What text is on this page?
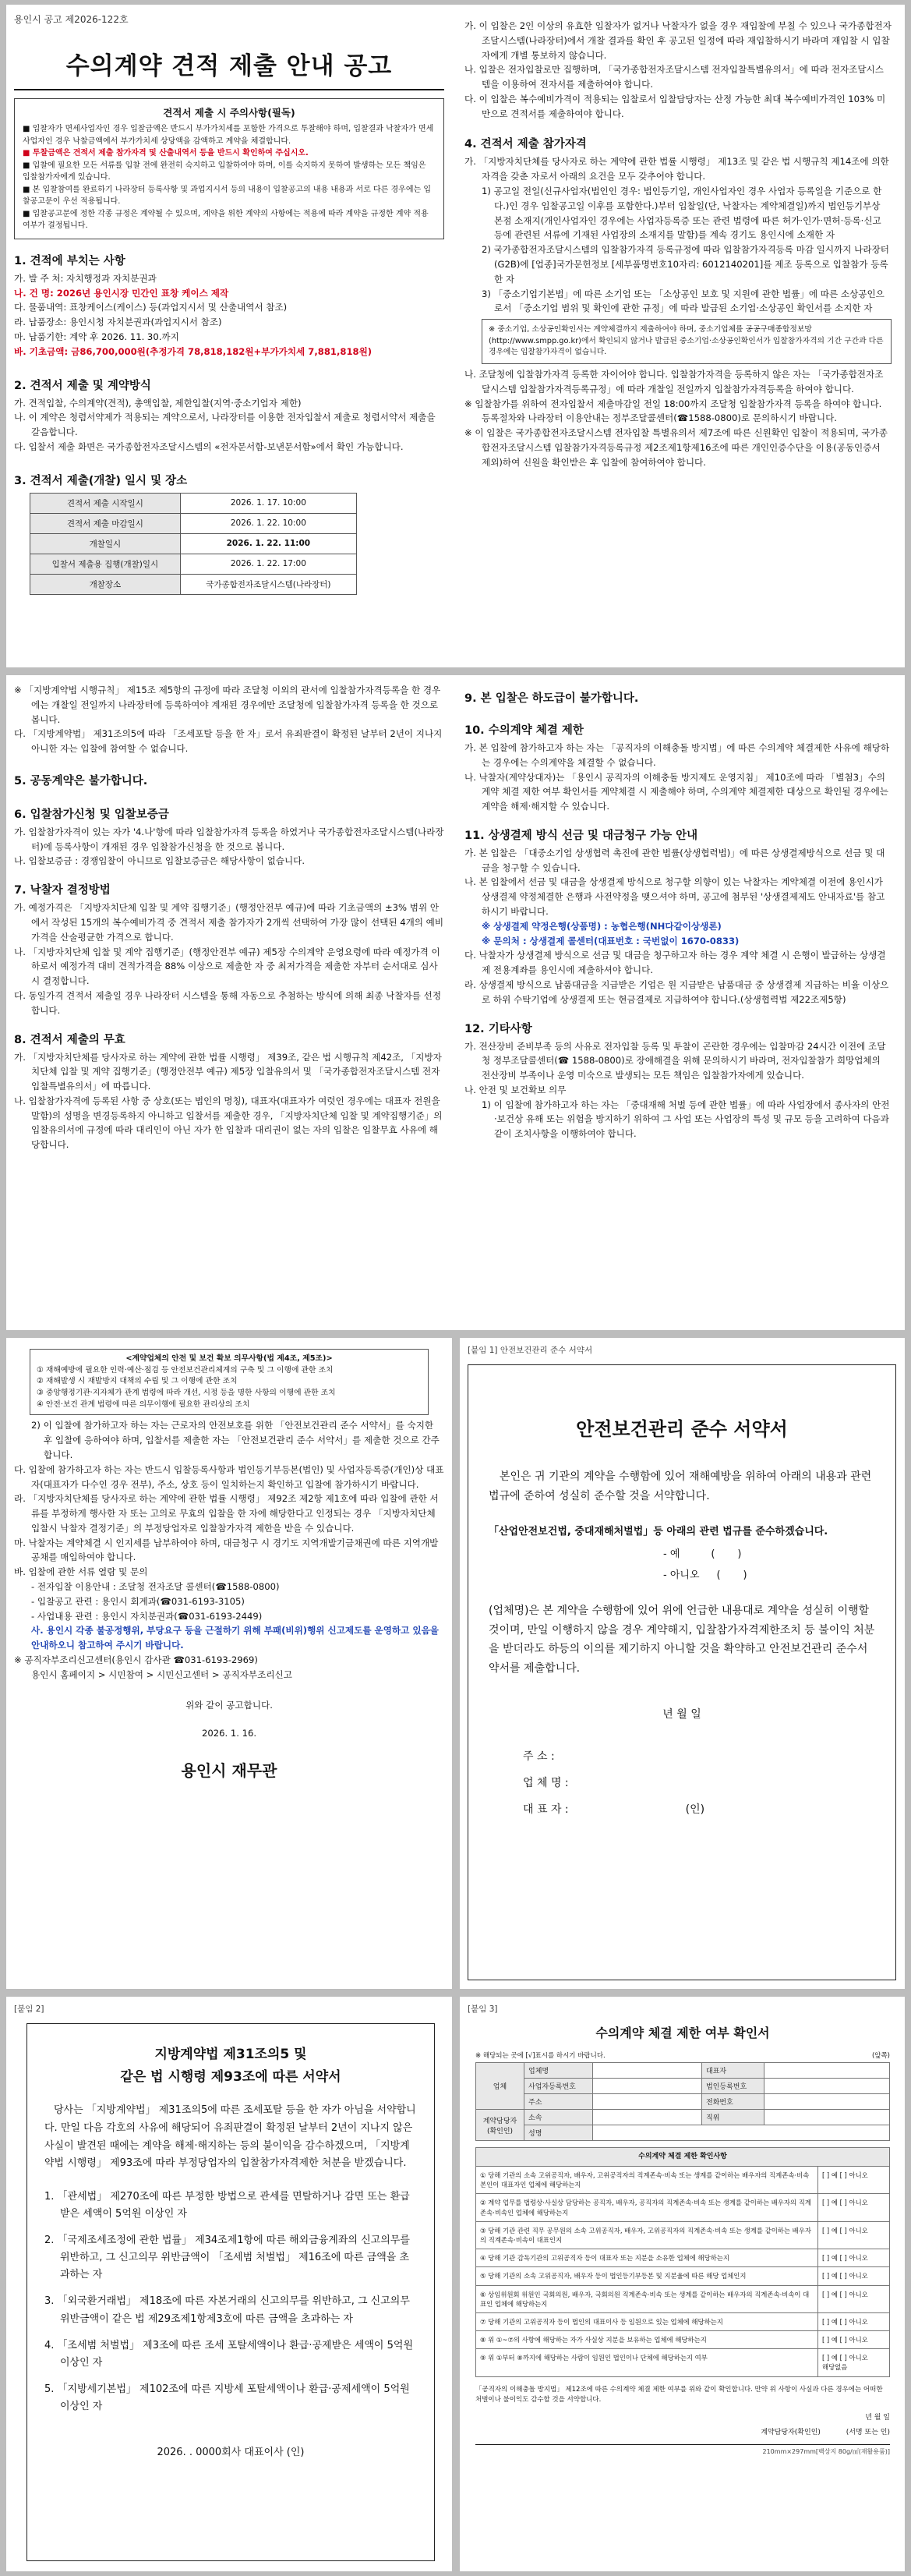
용인시 공고 제2026-122호
수의계약 견적 제출 안내 공고
견적서 제출 시 주의사항(필독)
■ 입찰자가 면세사업자인 경우 입찰금액은 반드시 부가가치세를 포함한 가격으로 투찰해야 하며, 입찰결과 낙찰자가 면세사업자인 경우 낙찰금액에서 부가가치세 상당액을 감액하고 계약을 체결합니다.
■ 투찰금액은 견적서 제출 참가자격 및 산출내역서 등을 반드시 확인하여 주십시오.
■ 입찰에 필요한 모든 서류를 입찰 전에 완전히 숙지하고 입찰하여야 하며, 이를 숙지하지 못하여 발생하는 모든 책임은 입찰참가자에게 있습니다.
■ 본 입찰참여를 완료하기 나라장터 등록사항 및 과업지시서 등의 내용이 입찰공고의 내용 내용과 서로 다른 경우에는 입찰공고문이 우선 적용됩니다.
■ 입찰공고문에 정한 각종 규정은 계약될 수 있으며, 계약을 위한 계약의 사항에는 적용에 따라 계약을 규정한 계약 적용 여부가 결정됩니다.
1. 견적에 부치는 사항
가. 발 주 처: 자치행정과 자치분권과
나. 건 명: 2026년 용인시장 민간인 표창 케이스 제작
다. 물품내역: 표창케이스(케이스) 등(과업지시서 및 산출내역서 참조)
라. 납품장소: 용인시청 자치분권과(과업지시서 참조)
마. 납품기한: 계약 후 2026. 11. 30.까지
바. 기초금액: 금86,700,000원(추정가격 78,818,182원+부가가치세 7,881,818원)
2. 견적서 제출 및 계약방식
가. 견적입찰, 수의계약(견적), 총액입찰, 제한입찰(지역·중소기업자 제한)
나. 이 계약은 청렴서약제가 적용되는 계약으로서, 나라장터를 이용한 전자입찰서 제출로 청렴서약서 제출을 갈음합니다.
다. 입찰서 제출 화면은 국가종합전자조달시스템의 «전자문서함-보낸문서함»에서 확인 가능합니다.
3. 견적서 제출(개찰) 일시 및 장소
견적서 제출 시작일시	2026. 1. 17. 10:00
견적서 제출 마감일시	2026. 1. 22. 10:00
개찰일시	2026. 1. 22. 11:00
입찰서 제출용 집행(개찰)일시	2026. 1. 22. 17:00
개찰장소	국가종합전자조달시스템(나라장터)
가. 이 입찰은 2인 이상의 유효한 입찰자가 없거나 낙찰자가 없을 경우 재입찰에 부칠 수 있으나 국가종합전자조달시스템(나라장터)에서 개찰 결과를 확인 후 공고된 일정에 따라 재입찰하시기 바라며 재입찰 시 입찰자에게 개별 통보하지 않습니다.
나. 입찰은 전자입찰로만 집행하며, 「국가종합전자조달시스템 전자입찰특별유의서」에 따라 전자조달시스템을 이용하여 전자서를 제출하여야 합니다.
다. 이 입찰은 복수예비가격이 적용되는 입찰로서 입찰담당자는 산정 가능한 최대 복수예비가격인 103% 미만으로 견적서를 제출하여야 합니다.
4. 견적서 제출 참가자격
가. 「지방자치단체를 당사자로 하는 계약에 관한 법률 시행령」 제13조 및 같은 법 시행규칙 제14조에 의한 자격을 갖춘 자로서 아래의 요건을 모두 갖추어야 합니다.
1) 공고일 전일(신규사업자(법인인 경우: 법인등기일, 개인사업자인 경우 사업자 등록일을 기준으로 한다.)인 경우 입찰공고일 이후를 포함한다.)부터 입찰일(단, 낙찰자는 계약체결일)까지 법인등기부상 본점 소재지(개인사업자인 경우에는 사업자등록증 또는 관련 법령에 따른 허가·인가·면허·등록·신고 등에 관련된 서류에 기재된 사업장의 소재지를 말함)를 계속 경기도 용인시에 소재한 자
2) 국가종합전자조달시스템의 입찰참가자격 등록규정에 따라 입찰참가자격등록 마감 일시까지 나라장터(G2B)에 [업종]국가문헌정보 [세부품명번호10자리: 6012140201]를 제조 등록으로 입찰참가 등록한 자
3) 「중소기업기본법」에 따른 소기업 또는 「소상공인 보호 및 지원에 관한 법률」에 따른 소상공인으로서 「중소기업 범위 및 확인에 관한 규정」에 따라 발급된 소기업·소상공인 확인서를 소지한 자
※ 중소기업, 소상공인확인서는 계약체결까지 제출하여야 하며, 중소기업체를 공공구매종합정보망(http://www.smpp.go.kr)에서 확인되지 않거나 발급된 중소기업·소상공인확인서가 입찰참가자격의 기간 구간과 다른 경우에는 입찰참가자격이 없습니다.
나. 조달청에 입찰참가자격 등록한 자이어야 합니다. 입찰참가자격을 등록하지 않은 자는 「국가종합전자조달시스템 입찰참가자격등록규정」에 따라 개찰일 전일까지 입찰참가자격등록을 하여야 합니다.
※ 입찰참가를 위하여 전자입찰서 제출마감일 전일 18:00까지 조달청 입찰참가자격 등록을 하여야 합니다. 등록절차와 나라장터 이용안내는 정부조달콜센터(☎1588-0800)로 문의하시기 바랍니다.
※ 이 입찰은 국가종합전자조달시스템 전자입찰 특별유의서 제7조에 따른 신원확인 입찰이 적용되며, 국가종합전자조달시스템 입찰참가자격등록규정 제2조제1항제16조에 따른 개인인증수단을 이용(공동인증서 제외)하여 신원을 확인받은 후 입찰에 참여하여야 합니다.
※ 「지방계약법 시행규칙」 제15조 제5항의 규정에 따라 조달청 이외의 관서에 입찰참가자격등록을 한 경우에는 개찰일 전일까지 나라장터에 등록하여야 계재된 경우에만 조달청에 입찰참가자격 등록을 한 것으로 봅니다.
다. 「지방계약법」 제31조의5에 따라 「조세포탈 등을 한 자」로서 유죄판결이 확정된 날부터 2년이 지나지 아니한 자는 입찰에 참여할 수 없습니다.
5. 공동계약은 불가합니다.
6. 입찰참가신청 및 입찰보증금
가. 입찰참가자격이 있는 자가 '4.나'항에 따라 입찰참가자격 등록을 하였거나 국가종합전자조달시스템(나라장터)에 등록사항이 개재된 경우 입찰참가신청을 한 것으로 봅니다.
나. 입찰보증금 : 경쟁입찰이 아니므로 입찰보증금은 해당사항이 없습니다.
7. 낙찰자 결정방법
가. 예정가격은 「지방자치단체 입찰 및 계약 집행기준」(행정안전부 예규)에 따라 기초금액의 ±3% 범위 안에서 작성된 15개의 복수예비가격 중 견적서 제출 참가자가 2개씩 선택하여 가장 많이 선택된 4개의 예비가격을 산술평균한 가격으로 합니다.
나. 「지방자치단체 입찰 및 계약 집행기준」(행정안전부 예규) 제5장 수의계약 운영요령에 따라 예정가격 이하로서 예정가격 대비 견적가격을 88% 이상으로 제출한 자 중 최저가격을 제출한 자부터 순서대로 심사 시 결정합니다.
다. 동일가격 견적서 제출일 경우 나라장터 시스템을 통해 자동으로 추첨하는 방식에 의해 최종 낙찰자를 선정합니다.
8. 견적서 제출의 무효
가. 「지방자치단체를 당사자로 하는 계약에 관한 법률 시행령」 제39조, 같은 법 시행규칙 제42조, 「지방자치단체 입찰 및 계약 집행기준」(행정안전부 예규) 제5장 입찰유의서 및 「국가종합전자조달시스템 전자입찰특별유의서」에 따릅니다.
나. 입찰참가자격에 등록된 사항 중 상호(또는 법인의 명칭), 대표자(대표자가 여럿인 경우에는 대표자 전원을 말함)의 성명을 변경등록하지 아니하고 입찰서를 제출한 경우, 「지방자치단체 입찰 및 계약집행기준」의 입찰유의서에 규정에 따라 대리인이 아닌 자가 한 입찰과 대리권이 없는 자의 입찰은 입찰무효 사유에 해당합니다.
9. 본 입찰은 하도급이 불가합니다.
10. 수의계약 체결 제한
가. 본 입찰에 참가하고자 하는 자는 「공직자의 이해충돌 방지법」에 따른 수의계약 체결제한 사유에 해당하는 경우에는 수의계약을 체결할 수 없습니다.
나. 낙찰자(계약상대자)는 「용인시 공직자의 이해충돌 방지제도 운영지침」 제10조에 따라 「별첨3」수의계약 체결 제한 여부 확인서를 계약체결 시 제출해야 하며, 수의계약 체결제한 대상으로 확인될 경우에는 계약을 해제·해지할 수 있습니다.
11. 상생결제 방식 선금 및 대금청구 가능 안내
가. 본 입찰은 「대중소기업 상생협력 촉진에 관한 법률(상생협력법)」에 따른 상생결제방식으로 선금 및 대금을 청구할 수 있습니다.
나. 본 입찰에서 선금 및 대금을 상생결제 방식으로 청구할 의향이 있는 낙찰자는 계약체결 이전에 용인시가 상생결제 약정체결한 은행과 사전약정을 맺으셔야 하며, 공고에 첨부된 '상생결제제도 안내자료'를 참고하시기 바랍니다.
※ 상생결제 약정은행(상품명) : 농협은행(NH다같이상생론)
※ 문의처 : 상생결제 콜센터(대표번호 : 국번없이 1670-0833)
다. 낙찰자가 상생결제 방식으로 선금 및 대금을 청구하고자 하는 경우 계약 체결 시 은행이 발급하는 상생결제 전용계좌를 용인시에 제출하셔야 합니다.
라. 상생결제 방식으로 납품대금을 지급받은 기업은 원 지급받은 납품대금 중 상생결제 지급하는 비율 이상으로 하위 수탁기업에 상생결제 또는 현금결제로 지급하여야 합니다.(상생협력법 제22조제5항)
12. 기타사항
가. 전산장비 준비부족 등의 사유로 전자입찰 등록 및 투찰이 곤란한 경우에는 입찰마감 24시간 이전에 조달청 정부조달콜센터(☎ 1588-0800)로 장애해결을 위해 문의하시기 바라며, 전자입찰참가 희망업체의 전산장비 부족이나 운영 미숙으로 발생되는 모든 책임은 입찰참가자에게 있습니다.
나. 안전 및 보건확보 의무
1) 이 입찰에 참가하고자 하는 자는 「중대재해 처벌 등에 관한 법률」에 따라 사업장에서 종사자의 안전·보건상 유해 또는 위험을 방지하기 위하여 그 사업 또는 사업장의 특성 및 규모 등을 고려하여 다음과 같이 조치사항을 이행하여야 합니다.
<계약업체의 안전 및 보건 확보 의무사항(법 제4조, 제5조)>
① 재해예방에 필요한 인력·예산·점검 등 안전보건관리체계의 구축 및 그 이행에 관한 조치
② 재해발생 시 재발방지 대책의 수립 및 그 이행에 관한 조치
③ 중앙행정기관·지자체가 관계 법령에 따라 개선, 시정 등을 명한 사항의 이행에 관한 조치
④ 안전·보건 관계 법령에 따른 의무이행에 필요한 관리상의 조치
2) 이 입찰에 참가하고자 하는 자는 근로자의 안전보호를 위한 「안전보건관리 준수 서약서」를 숙지한 후 입찰에 응하여야 하며, 입찰서를 제출한 자는 「안전보건관리 준수 서약서」를 제출한 것으로 간주합니다.
다. 입찰에 참가하고자 하는 자는 반드시 입찰등록사항과 법인등기부등본(법인) 및 사업자등록증(개인)상 대표자(대표자가 다수인 경우 전부), 주소, 상호 등이 일치하는지 확인하고 입찰에 참가하시기 바랍니다.
라. 「지방자치단체를 당사자로 하는 계약에 관한 법률 시행령」 제92조 제2항 제1호에 따라 입찰에 관한 서류를 부정하게 행사한 자 또는 고의로 무효의 입찰을 한 자에 해당한다고 인정되는 경우 「지방자치단체 입찰시 낙찰자 결정기준」의 부정당업자로 입찰참가자격 제한을 받을 수 있습니다.
마. 낙찰자는 계약체결 시 인지세를 납부하여야 하며, 대금청구 시 경기도 지역개발기금채권에 따른 지역개발공채를 매입하여야 합니다.
바. 입찰에 관한 서류 열람 및 문의
- 전자입찰 이용안내 : 조달청 전자조달 콜센터(☎1588-0800)
- 입찰공고 관련 : 용인시 회계과(☎031-6193-3105)
- 사업내용 관련 : 용인시 자치분권과(☎031-6193-2449)
사. 용인시 각종 불공정행위, 부당요구 등을 근절하기 위해 부패(비위)행위 신고제도를 운영하고 있음을 안내하오니 참고하여 주시기 바랍니다.
※ 공직자부조리신고센터(용인시 감사관 ☎031-6193-2969)
용인시 홈페이지 > 시민참여 > 시민신고센터 > 공직자부조리신고
위와 같이 공고합니다.
2026. 1. 16.
용인시 재무관
[붙임 1] 안전보건관리 준수 서약서
안전보건관리 준수 서약서
본인은 귀 기관의 계약을 수행함에 있어 재해예방을 위하여 아래의 내용과 관련 법규에 준하여 성실히 준수할 것을 서약합니다.
「산업안전보건법, 중대재해처벌법」등 아래의 관련 법규를 준수하겠습니다.
- 예	(       )
- 아니오 (       )
(업체명)은 본 계약을 수행함에 있어 위에 언급한 내용대로 계약을 성실히 이행할 것이며, 만일 이행하지 않을 경우 계약해지, 입찰참가자격제한조치 등 불이익 처분을 받더라도 하등의 이의를 제기하지 아니할 것을 확약하고 안전보건관리 준수서약서를 제출합니다.
년 월 일
주 소 :
업 체 명 :
대 표 자 :	(인)
[붙임 2]
지방계약법 제31조의5 및
같은 법 시행령 제93조에 따른 서약서
당사는 「지방계약법」 제31조의5에 따른 조세포탈 등을 한 자가 아님을 서약합니다. 만일 다음 각호의 사유에 해당되어 유죄판결이 확정된 날부터 2년이 지나지 않은 사실이 발견된 때에는 계약을 해제·해지하는 등의 불이익을 감수하겠으며, 「지방계약법 시행령」 제93조에 따라 부정당업자의 입찰참가자격제한 처분을 받겠습니다.
1. 「관세법」 제270조에 따른 부정한 방법으로 관세를 면탈하거나 감면 또는 환급받은 세액이 5억원 이상인 자
2. 「국제조세조정에 관한 법률」 제34조제1항에 따른 해외금융계좌의 신고의무를 위반하고, 그 신고의무 위반금액이 「조세범 처벌법」 제16조에 따른 금액을 초과하는 자
3. 「외국환거래법」 제18조에 따른 자본거래의 신고의무를 위반하고, 그 신고의무 위반금액이 같은 법 제29조제1항제3호에 따른 금액을 초과하는 자
4. 「조세범 처벌법」 제3조에 따른 조세 포탈세액이나 환급·공제받은 세액이 5억원 이상인 자
5. 「지방세기본법」 제102조에 따른 지방세 포탈세액이나 환급·공제세액이 5억원 이상인 자
2026. . 0000회사 대표이사 (인)
[붙임 3]
수의계약 체결 제한 여부 확인서
※ 해당되는 곳에 [√]표시를 하시기 바랍니다.	(앞쪽)
업체	업체명		대표자	
	사업자등록번호		법인등록번호	
	주소		전화번호	
계약담당자 (확인인)	소속		직위	
	성명			
수의계약 체결 제한 확인사항	
① 당해 기관의 소속 고위공직자, 배우자, 고위공직자의 직계존속·비속 또는 생계를 같이하는 배우자의 직계존속·비속 본인이 대표자인 업체에 해당하는지	[ ] 예 [ ] 아니오
② 계약 업무를 법령상·사실상 담당하는 공직자, 배우자, 공직자의 직계존속·비속 또는 생계를 같이하는 배우자의 직계존속·비속인 업체에 해당하는지	[ ] 예 [ ] 아니오
③ 당해 기관 관련 직무 공무원의 소속 고위공직자, 배우자, 고위공직자의 직계존속·비속 또는 생계를 같이하는 배우자의 직계존속·비속이 대표인지	[ ] 예 [ ] 아니오
④ 당해 기관 감독기관의 고위공직자 등이 대표자 또는 지분을 소유한 업체에 해당하는지	[ ] 예 [ ] 아니오
⑤ 당해 기관의 소속 고위공직자, 배우자 등이 법인등기부등본 및 지분율에 따른 해당 업체인지	[ ] 예 [ ] 아니오
⑥ 상임위원회 위원인 국회의원, 배우자, 국회의원 직계존속·비속 또는 생계를 같이하는 배우자의 직계존속·비속이 대표인 업체에 해당하는지	[ ] 예 [ ] 아니오
⑦ 당해 기관의 고위공직자 등이 법인의 대표이사 등 임원으로 있는 업체에 해당하는지	[ ] 예 [ ] 아니오
⑧ 위 ①~⑦의 사항에 해당하는 자가 사실상 지분을 보유하는 업체에 해당하는지	[ ] 예 [ ] 아니오
⑨ 위 ①부터 ⑧까지에 해당하는 사람이 임원인 법인이나 단체에 해당하는지 여부	[ ] 예 [ ] 아니오
해당없음
「공직자의 이해충돌 방지법」 제12조에 따른 수의계약 체결 제한 여부를 위와 같이 확인합니다. 만약 위 사항이 사실과 다른 경우에는 어떠한 처벌이나 불이익도 감수할 것을 서약합니다.
년 월 일
계약담당자(확인인)	(서명 또는 인)
210mm×297mm[백상지 80g/㎡(재활용품)]
